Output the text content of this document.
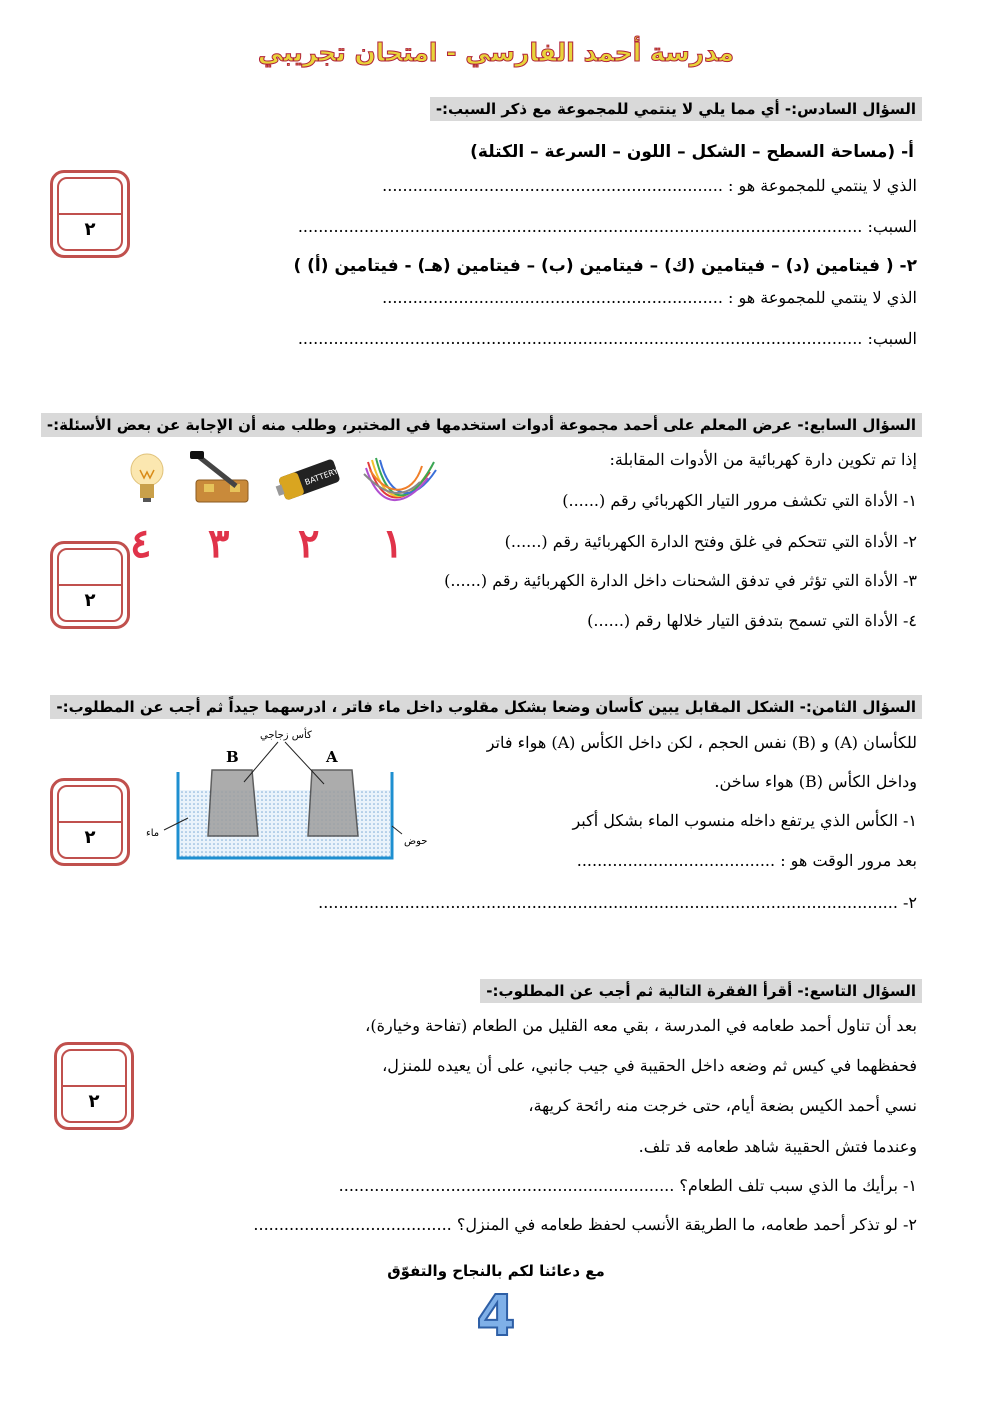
مدرسة أحمد الفارسي - امتحان تجريبي
السؤال السادس:- أي مما يلي لا ينتمي للمجموعة مع ذكر السبب:-
أ- (مساحة السطح – الشكل – اللون – السرعة – الكتلة)
الذي لا ينتمي للمجموعة هو : ...................................................................
السبب: ...............................................................................................................
٢- ( فيتامين (د) – فيتامين (ك) – فيتامين (ب) – فيتامين (هـ) - فيتامين (أ) )
الذي لا ينتمي للمجموعة هو : ...................................................................
السبب: ...............................................................................................................
٢
السؤال السابع:- عرض المعلم على أحمد مجموعة أدوات استخدمها في المختبر، وطلب منه أن الإجابة عن بعض الأسئلة:-
إذا تم تكوين دارة كهربائية من الأدوات المقابلة:
١- الأداة التي تكشف مرور التيار الكهربائي رقم (......)
٢- الأداة التي تتحكم في غلق وفتح الدارة الكهربائية رقم (......)
٣- الأداة التي تؤثر في تدفق الشحنات داخل الدارة الكهربائية رقم (......)
٤- الأداة التي تسمح بتدفق التيار خلالها رقم (......)
BATTERY
١
٢
٣
٤
٢
السؤال الثامن:- الشكل المقابل يبين كأسان وضعا بشكل مقلوب داخل ماء فاتر ، ادرسهما جيداً ثم أجب عن المطلوب:-
للكأسان (A) و (B) نفس الحجم ، لكن داخل الكأس (A) هواء فاتر
وداخل الكأس (B) هواء ساخن.
١- الكأس الذي يرتفع داخله منسوب الماء بشكل أكبر
بعد مرور الوقت هو : .......................................
٢- ..................................................................................................................
B	A
كأس زجاجي
ماء
حوض
٢
السؤال التاسع:- أقرأ الفقرة التالية ثم أجب عن المطلوب:-
بعد أن تناول أحمد طعامه في المدرسة ، بقي معه القليل من الطعام (تفاحة وخيارة)،
فحفظهما في كيس ثم وضعه داخل الحقيبة في جيب جانبي، على أن يعيده للمنزل،
نسي أحمد الكيس بضعة أيام، حتى خرجت منه رائحة كريهة،
وعندما فتش الحقيبة شاهد طعامه قد تلف.
١- برأيك ما الذي سبب تلف الطعام؟ ..................................................................
٢- لو تذكر أحمد طعامه، ما الطريقة الأنسب لحفظ طعامه في المنزل؟ .......................................
٢
مع دعائنا لكم بالنجاح والتفوّق
4
